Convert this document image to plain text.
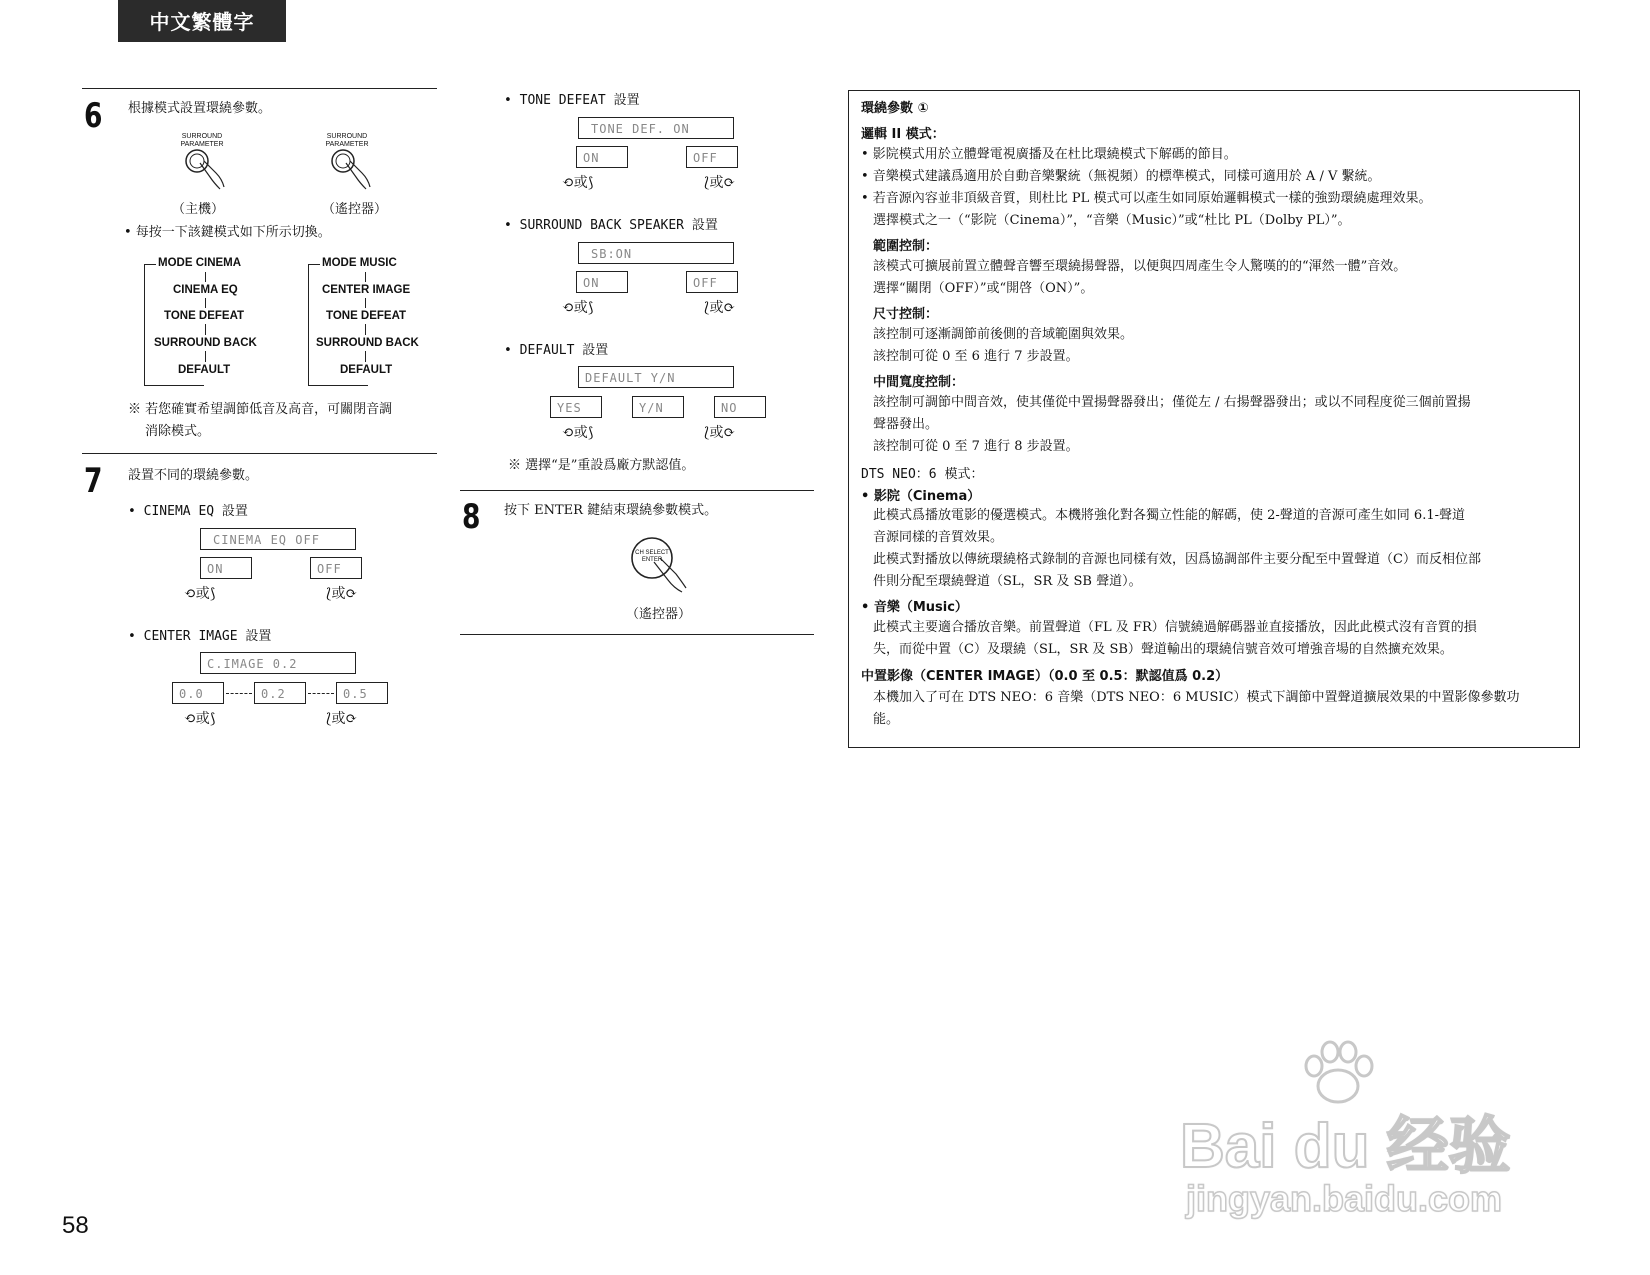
中文繁體字
6 根據模式設置環繞參數。
SURROUND PARAMETER
SURROUND PARAMETER
（主機）	（遙控器）
• 每按一下該鍵模式如下所示切換。
MODE CINEMA
CINEMA EQ
TONE DEFEAT
SURROUND BACK
DEFAULT
MODE MUSIC
CENTER IMAGE
TONE DEFEAT
SURROUND BACK
DEFAULT
※ 若您確實希望調節低音及高音，可關閉音調
消除模式。
7 設置不同的環繞參數。
• CINEMA EQ 設置
CINEMA EQ OFF
ON	OFF
⟲或⟆	⟅或⟳
• CENTER IMAGE 設置
C.IMAGE 0.2
0.0	0.2	0.5
⟲或⟆	⟅或⟳
• TONE DEFEAT 設置
TONE DEF. ON
ON	OFF
⟲或⟆	⟅或⟳
• SURROUND BACK SPEAKER 設置
SB:ON
ON	OFF
⟲或⟆	⟅或⟳
• DEFAULT 設置
DEFAULT Y/N
YES	Y/N	NO
⟲或⟆	⟅或⟳
※ 選擇“是”重設爲廠方默認值。
8 按下 ENTER 鍵結束環繞參數模式。
CH SELECT ENTER
（遙控器）
環繞參數 ①
邏輯 II 模式：
• 影院模式用於立體聲電視廣播及在杜比環繞模式下解碼的節目。
• 音樂模式建議爲適用於自動音樂繫統（無視頻）的標準模式，同樣可適用於 A / V 繫統。
• 若音源內容並非頂級音質，則杜比 PL 模式可以產生如同原始邏輯模式一樣的強勁環繞處理效果。
選擇模式之一（“影院（Cinema）”，“音樂（Music）”或“杜比 PL（Dolby PL）”。
範圍控制：
該模式可擴展前置立體聲音響至環繞揚聲器，以便與四周產生令人驚嘆的的“渾然一體”音效。
選擇“關閉（OFF）”或“開啓（ON）”。
尺寸控制：
該控制可逐漸調節前後側的音域範圍與效果。
該控制可從 0 至 6 進行 7 步設置。
中間寬度控制：
該控制可調節中間音效，使其僅從中置揚聲器發出；僅從左 / 右揚聲器發出；或以不同程度從三個前置揚
聲器發出。
該控制可從 0 至 7 進行 8 步設置。
DTS NEO：6 模式：
• 影院（Cinema）
此模式爲播放電影的優選模式。本機將強化對各獨立性能的解碼，使 2-聲道的音源可產生如同 6.1-聲道
音源同樣的音質效果。
此模式對播放以傳統環繞格式錄制的音源也同樣有效，因爲協調部件主要分配至中置聲道（C）而反相位部
件則分配至環繞聲道（SL，SR 及 SB 聲道）。
• 音樂（Music）
此模式主要適合播放音樂。前置聲道（FL 及 FR）信號繞過解碼器並直接播放，因此此模式沒有音質的損
失，而從中置（C）及環繞（SL，SR 及 SB）聲道輸出的環繞信號音效可增強音場的自然擴充效果。
中置影像（CENTER IMAGE）（0.0 至 0.5：默認值爲 0.2）
本機加入了可在 DTS NEO：6 音樂（DTS NEO：6 MUSIC）模式下調節中置聲道擴展效果的中置影像參數功
能。
Bai du 经验
jingyan.baidu.com
58
